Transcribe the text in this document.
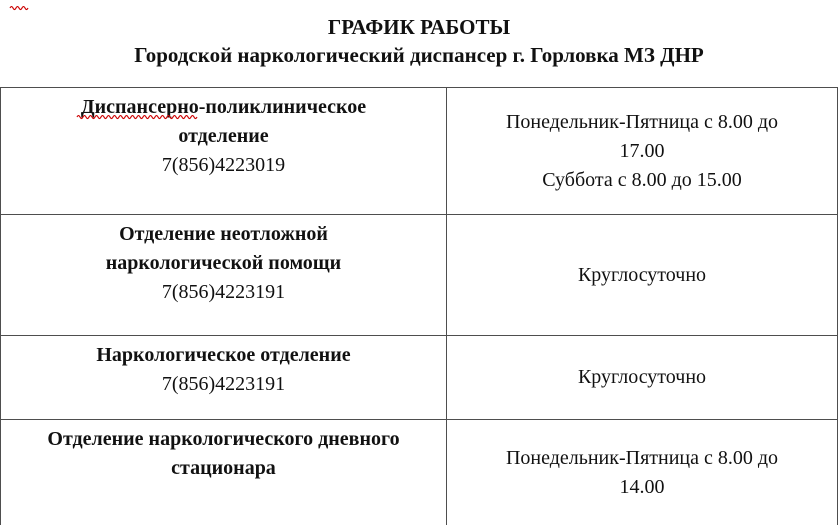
ГРАФИК РАБОТЫ
Городской наркологический диспансер г. Горловка МЗ ДНР
Диспансерно-поликлиническое
отделение
7(856)4223019
Понедельник-Пятница с 8.00 до
17.00
Суббота с 8.00 до 15.00
Отделение неотложной
наркологической помощи
7(856)4223191
Круглосуточно
Наркологическое отделение
7(856)4223191	Круглосуточно
Отделение наркологического дневного
стационара	Понедельник-Пятница с 8.00 до
14.00
